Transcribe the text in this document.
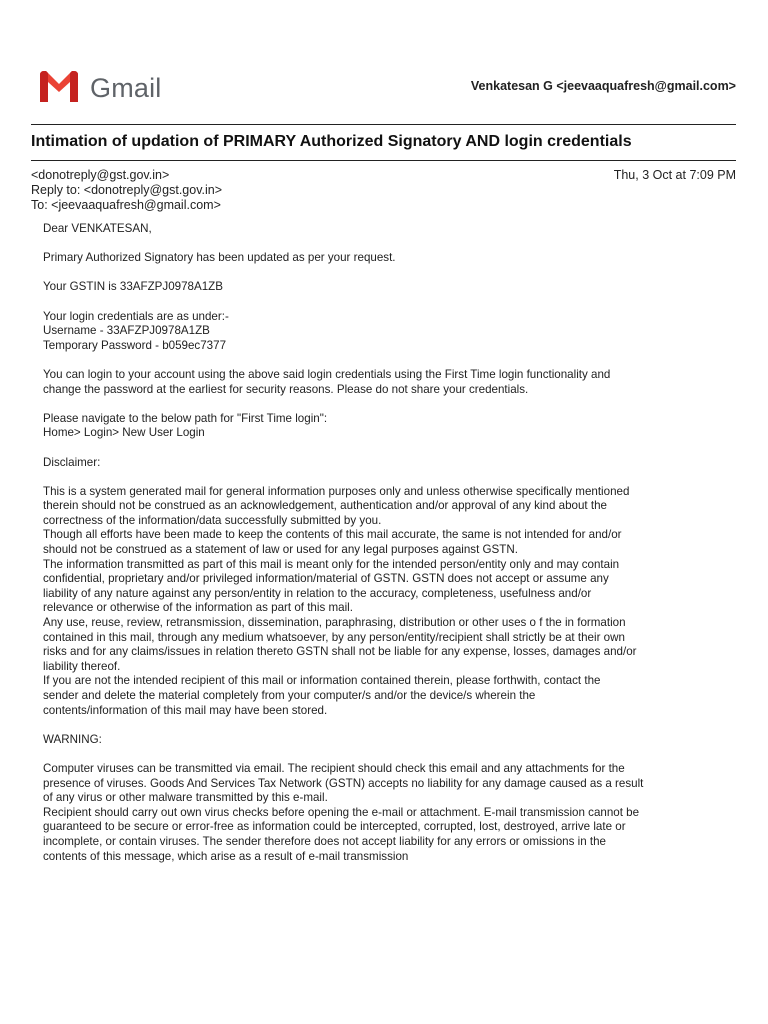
Gmail	Venkatesan G <jeevaaquafresh@gmail.com>
Intimation of updation of PRIMARY Authorized Signatory AND login credentials
<donotreply@gst.gov.in>
Reply to: <donotreply@gst.gov.in>
To: <jeevaaquafresh@gmail.com>
Thu, 3 Oct at 7:09 PM
Dear VENKATESAN,
Primary Authorized Signatory has been updated as per your request.
Your GSTIN is 33AFZPJ0978A1ZB
Your login credentials are as under:-
Username - 33AFZPJ0978A1ZB
Temporary Password - b059ec7377
You can login to your account using the above said login credentials using the First Time login functionality and
change the password at the earliest for security reasons. Please do not share your credentials.
Please navigate to the below path for "First Time login":
Home> Login> New User Login
Disclaimer:
This is a system generated mail for general information purposes only and unless otherwise specifically mentioned
therein should not be construed as an acknowledgement, authentication and/or approval of any kind about the
correctness of the information/data successfully submitted by you.
Though all efforts have been made to keep the contents of this mail accurate, the same is not intended for and/or
should not be construed as a statement of law or used for any legal purposes against GSTN.
The information transmitted as part of this mail is meant only for the intended person/entity only and may contain
confidential, proprietary and/or privileged information/material of GSTN. GSTN does not accept or assume any
liability of any nature against any person/entity in relation to the accuracy, completeness, usefulness and/or
relevance or otherwise of the information as part of this mail.
Any use, reuse, review, retransmission, dissemination, paraphrasing, distribution or other uses o f the in formation
contained in this mail, through any medium whatsoever, by any person/entity/recipient shall strictly be at their own
risks and for any claims/issues in relation thereto GSTN shall not be liable for any expense, losses, damages and/or
liability thereof.
If you are not the intended recipient of this mail or information contained therein, please forthwith, contact the
sender and delete the material completely from your computer/s and/or the device/s wherein the
contents/information of this mail may have been stored.
WARNING:
Computer viruses can be transmitted via email. The recipient should check this email and any attachments for the
presence of viruses. Goods And Services Tax Network (GSTN) accepts no liability for any damage caused as a result
of any virus or other malware transmitted by this e-mail.
Recipient should carry out own virus checks before opening the e-mail or attachment. E-mail transmission cannot be
guaranteed to be secure or error-free as information could be intercepted, corrupted, lost, destroyed, arrive late or
incomplete, or contain viruses. The sender therefore does not accept liability for any errors or omissions in the
contents of this message, which arise as a result of e-mail transmission
